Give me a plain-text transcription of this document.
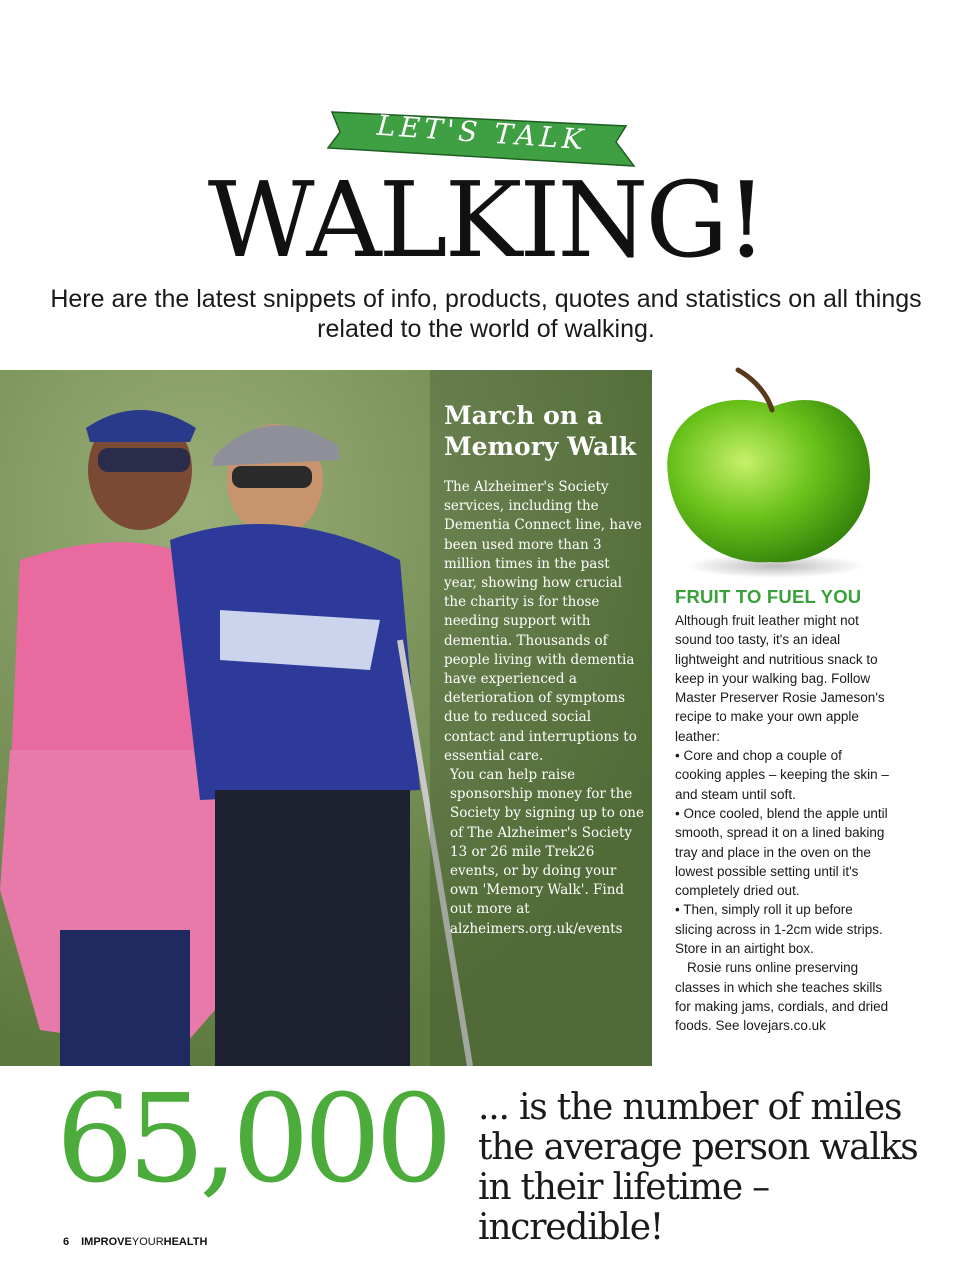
LET'S TALK
WALKING!
Here are the latest snippets of info, products, quotes and statistics on all things related to the world of walking.
March on a Memory Walk

The Alzheimer's Society services, including the Dementia Connect line, have been used more than 3 million times in the past year, showing how crucial the charity is for those needing support with dementia. Thousands of people living with dementia have experienced a deterioration of symptoms due to reduced social contact and interruptions to essential care.

You can help raise sponsorship money for the Society by signing up to one of The Alzheimer's Society 13 or 26 mile Trek26 events, or by doing your own 'Memory Walk'. Find out more at alzheimers.org.uk/events

FRUIT TO FUEL YOU

Although fruit leather might not sound too tasty, it's an ideal lightweight and nutritious snack to keep in your walking bag. Follow Master Preserver Rosie Jameson's recipe to make your own apple leather:

• Core and chop a couple of cooking apples – keeping the skin – and steam until soft.

• Once cooled, blend the apple until smooth, spread it on a lined baking tray and place in the oven on the lowest possible setting until it's completely dried out.

• Then, simply roll it up before slicing across in 1-2cm wide strips. Store in an airtight box.

Rosie runs online preserving classes in which she teaches skills for making jams, cordials, and dried foods. See lovejars.co.uk

65,000 ... is the number of miles the average person walks in their lifetime – incredible!
6 IMPROVEYOURHEALTH
